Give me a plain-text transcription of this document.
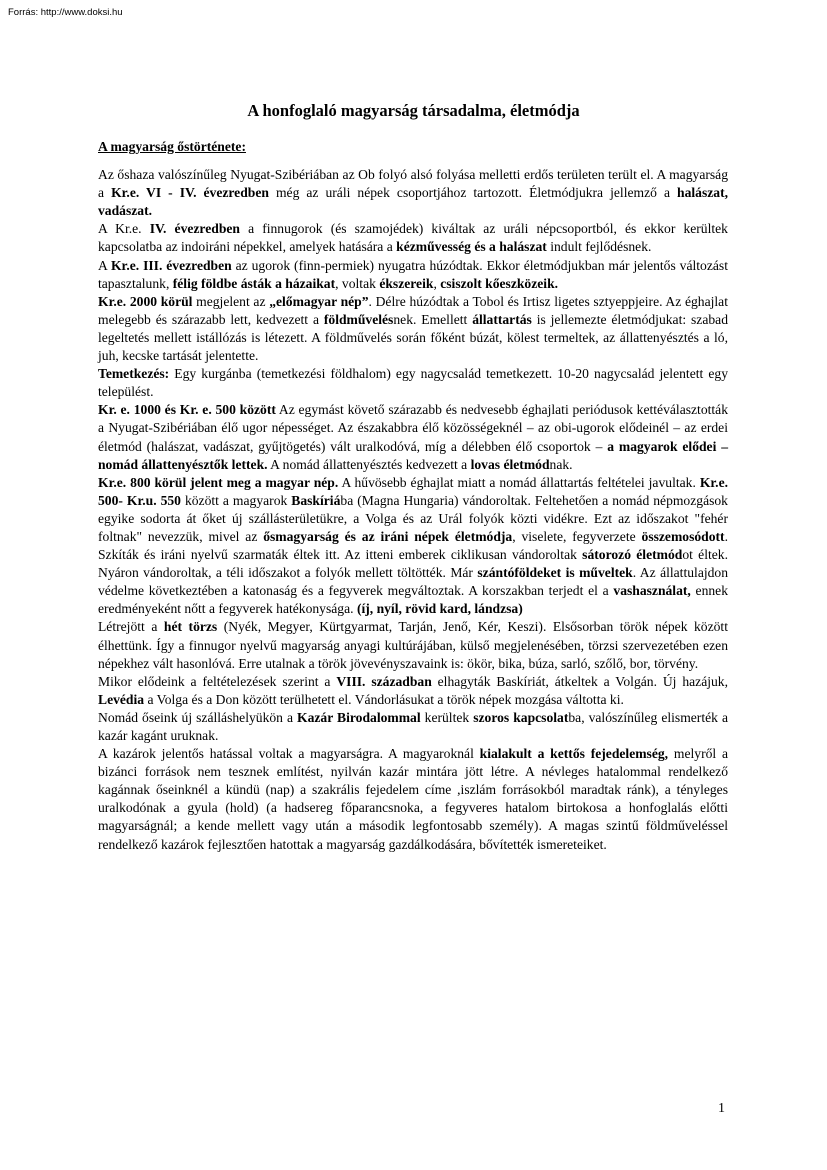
Forrás: http://www.doksi.hu
A honfoglaló magyarság társadalma, életmódja
A magyarság őstörténete:

Az őshaza valószínűleg Nyugat-Szibériában az Ob folyó alsó folyása melletti erdős területen terült el. A magyarság a Kr.e. VI - IV. évezredben még az uráli népek csoportjához tartozott. Életmódjukra jellemző a halászat, vadászat.

A Kr.e. IV. évezredben a finnugorok (és szamojédek) kiváltak az uráli népcsoportból, és ekkor kerültek kapcsolatba az indoiráni népekkel, amelyek hatására a kézművesség és a halászat indult fejlődésnek.

A Kr.e. III. évezredben az ugorok (finn-permiek) nyugatra húzódtak. Ekkor életmódjukban már jelentős változást tapasztalunk, félig földbe ásták a házaikat, voltak ékszereik, csiszolt kőeszközeik.

Kr.e. 2000 körül megjelent az „előmagyar nép”. Délre húzódtak a Tobol és Irtisz ligetes sztyeppjeire. Az éghajlat melegebb és szárazabb lett, kedvezett a földművelésnek. Emellett állattartás is jellemezte életmódjukat: szabad legeltetés mellett istállózás is létezett. A földművelés során főként búzát, kölest termeltek, az állattenyésztés a ló, juh, kecske tartását jelentette.

Temetkezés: Egy kurgánba (temetkezési földhalom) egy nagycsalád temetkezett. 10-20 nagycsalád jelentett egy települést.

Kr. e. 1000 és Kr. e. 500 között Az egymást követő szárazabb és nedvesebb éghajlati periódusok kettéválasztották a Nyugat-Szibériában élő ugor népességet. Az északabbra élő közösségeknél – az obi-ugorok elődeinél – az erdei életmód (halászat, vadászat, gyűjtögetés) vált uralkodóvá, míg a délebben élő csoportok – a magyarok elődei – nomád állattenyésztők lettek. A nomád állattenyésztés kedvezett a lovas életmódnak.

Kr.e. 800 körül jelent meg a magyar nép. A hűvösebb éghajlat miatt a nomád állattartás feltételei javultak. Kr.e. 500- Kr.u. 550 között a magyarok Baskíriába (Magna Hungaria) vándoroltak. Feltehetően a nomád népmozgások egyike sodorta át őket új szállásterületükre, a Volga és az Urál folyók közti vidékre. Ezt az időszakot "fehér foltnak" nevezzük, mivel az ősmagyarság és az iráni népek életmódja, viselete, fegyverzete összemosódott. Szkíták és iráni nyelvű szarmaták éltek itt. Az itteni emberek ciklikusan vándoroltak sátorozó életmódot éltek. Nyáron vándoroltak, a téli időszakot a folyók mellett töltötték. Már szántóföldeket is műveltek. Az állattulajdon védelme következtében a katonaság és a fegyverek megváltoztak. A korszakban terjedt el a vashasználat, ennek eredményeként nőtt a fegyverek hatékonysága. (íj, nyíl, rövid kard, lándzsa)

Létrejött a hét törzs (Nyék, Megyer, Kürtgyarmat, Tarján, Jenő, Kér, Keszi). Elsősorban török népek között élhettünk. Így a finnugor nyelvű magyarság anyagi kultúrájában, külső megjelenésében, törzsi szervezetében ezen népekhez vált hasonlóvá. Erre utalnak a török jövevényszavaink is: ökör, bika, búza, sarló, szőlő, bor, törvény.

Mikor elődeink a feltételezések szerint a VIII. században elhagyták Baskíriát, átkeltek a Volgán. Új hazájuk, Levédia a Volga és a Don között terülhetett el. Vándorlásukat a török népek mozgása váltotta ki.

Nomád őseink új szálláshelyükön a Kazár Birodalommal kerültek szoros kapcsolatba, valószínűleg elismerték a kazár kagánt uruknak.

A kazárok jelentős hatással voltak a magyarságra. A magyaroknál kialakult a kettős fejedelemség, melyről a bizánci források nem tesznek említést, nyilván kazár mintára jött létre. A névleges hatalommal rendelkező kagánnak őseinknél a kündü (nap) a szakrális fejedelem címe ,iszlám forrásokból maradtak ránk), a tényleges uralkodónak a gyula (hold) (a hadsereg főparancsnoka, a fegyveres hatalom birtokosa a honfoglalás előtti magyarságnál; a kende mellett vagy után a második legfontosabb személy). A magas szintű földműveléssel rendelkező kazárok fejlesztően hatottak a magyarság gazdálkodására, bővítették ismereteiket.

1
